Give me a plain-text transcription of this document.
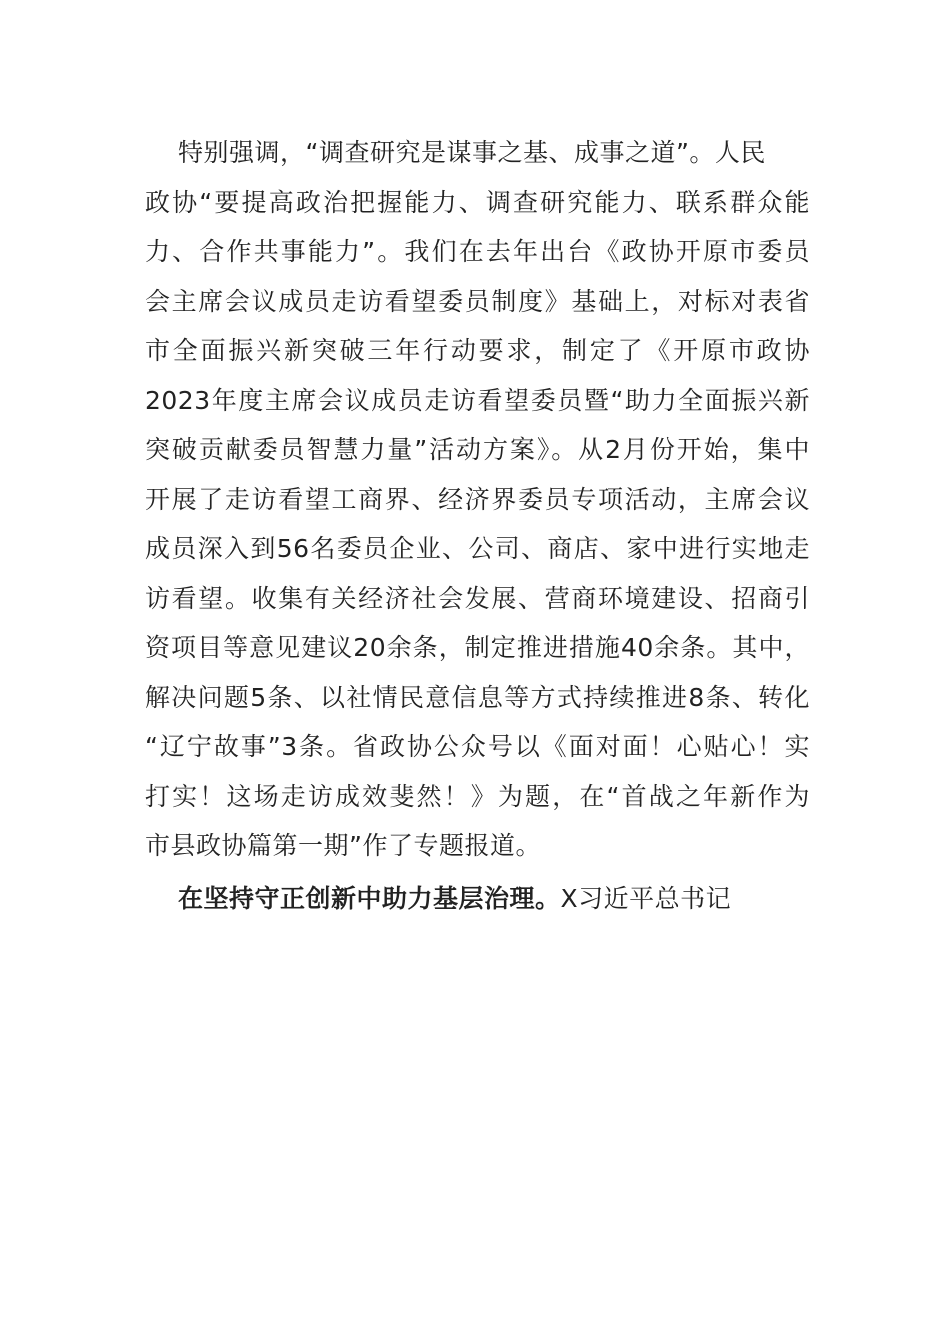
特别强调，“调查研究是谋事之基、成事之道”。人民
政协“要提高政治把握能力、调查研究能力、联系群众能
力、合作共事能力”。我们在去年出台《政协开原市委员
会主席会议成员走访看望委员制度》基础上，对标对表省
市全面振兴新突破三年行动要求，制定了《开原市政协
2023年度主席会议成员走访看望委员暨“助力全面振兴新
突破贡献委员智慧力量”活动方案》。从2月份开始，集中
开展了走访看望工商界、经济界委员专项活动，主席会议
成员深入到56名委员企业、公司、商店、家中进行实地走
访看望。收集有关经济社会发展、营商环境建设、招商引
资项目等意见建议20余条，制定推进措施40余条。其中，
解决问题5条、以社情民意信息等方式持续推进8条、转化
“辽宁故事”3条。省政协公众号以《面对面！心贴心！实
打实！这场走访成效斐然！》为题，在“首战之年新作为
市县政协篇第一期”作了专题报道。
在坚持守正创新中助力基层治理。X习近平总书记
